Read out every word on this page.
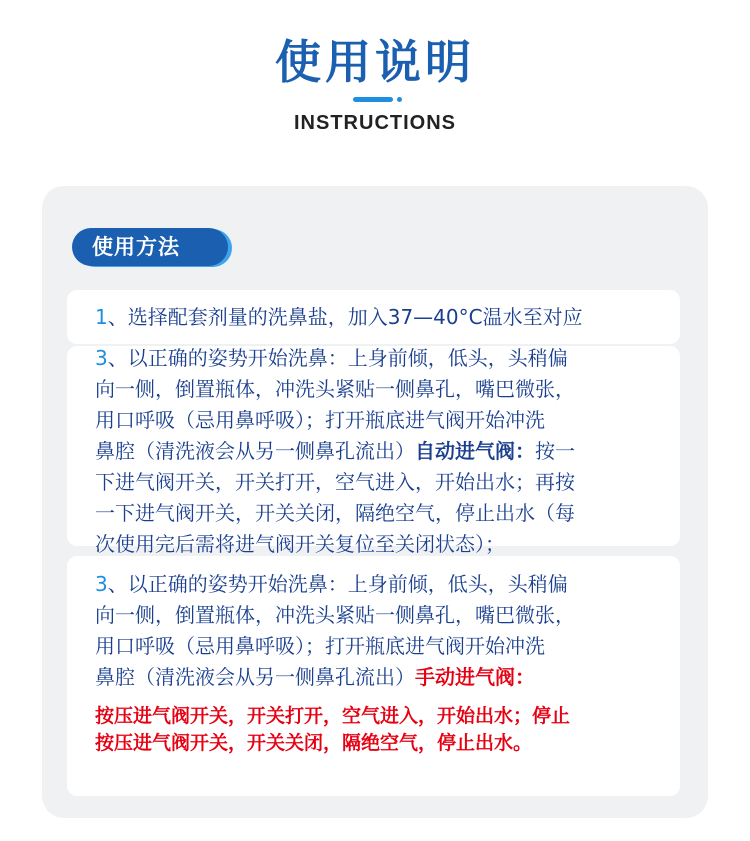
使用说明
INSTRUCTIONS
使用方法
1、选择配套剂量的洗鼻盐，加入37—40°C温水至对应
3、以正确的姿势开始洗鼻：上身前倾，低头，头稍偏
向一侧，倒置瓶体，冲洗头紧贴一侧鼻孔，嘴巴微张，
用口呼吸（忌用鼻呼吸）；打开瓶底进气阀开始冲洗
鼻腔（清洗液会从另一侧鼻孔流出）自动进气阀：按一
下进气阀开关，开关打开，空气进入，开始出水；再按
一下进气阀开关，开关关闭，隔绝空气，停止出水（每
次使用完后需将进气阀开关复位至关闭状态）；
3、以正确的姿势开始洗鼻：上身前倾，低头，头稍偏
向一侧，倒置瓶体，冲洗头紧贴一侧鼻孔，嘴巴微张，
用口呼吸（忌用鼻呼吸）；打开瓶底进气阀开始冲洗
鼻腔（清洗液会从另一侧鼻孔流出）手动进气阀：
按压进气阀开关，开关打开，空气进入，开始出水；停止
按压进气阀开关，开关关闭，隔绝空气，停止出水。
